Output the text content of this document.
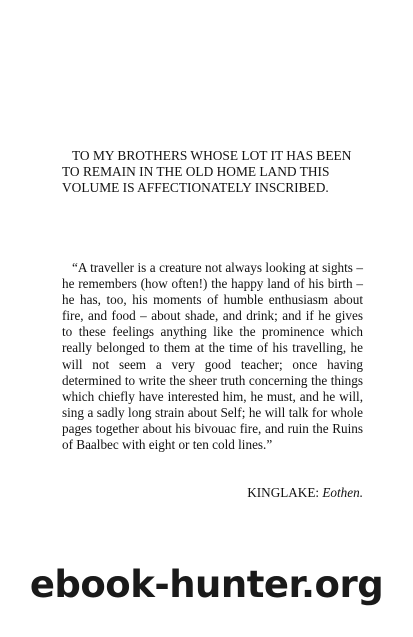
TO MY BROTHERS WHOSE LOT IT HAS BEEN TO REMAIN IN THE OLD HOME LAND THIS VOLUME IS AFFECTIONATELY INSCRIBED.

“A traveller is a creature not always looking at sights – he remembers (how often!) the happy land of his birth – he has, too, his moments of humble enthusiasm about fire, and food – about shade, and drink; and if he gives to these feelings anything like the prominence which really belonged to them at the time of his travelling, he will not seem a very good teacher; once having determined to write the sheer truth concerning the things which chiefly have interested him, he must, and he will, sing a sadly long strain about Self; he will talk for whole pages together about his bivouac fire, and ruin the Ruins of Baalbec with eight or ten cold lines.”

KINGLAKE: Eothen.

ebook-hunter.org
